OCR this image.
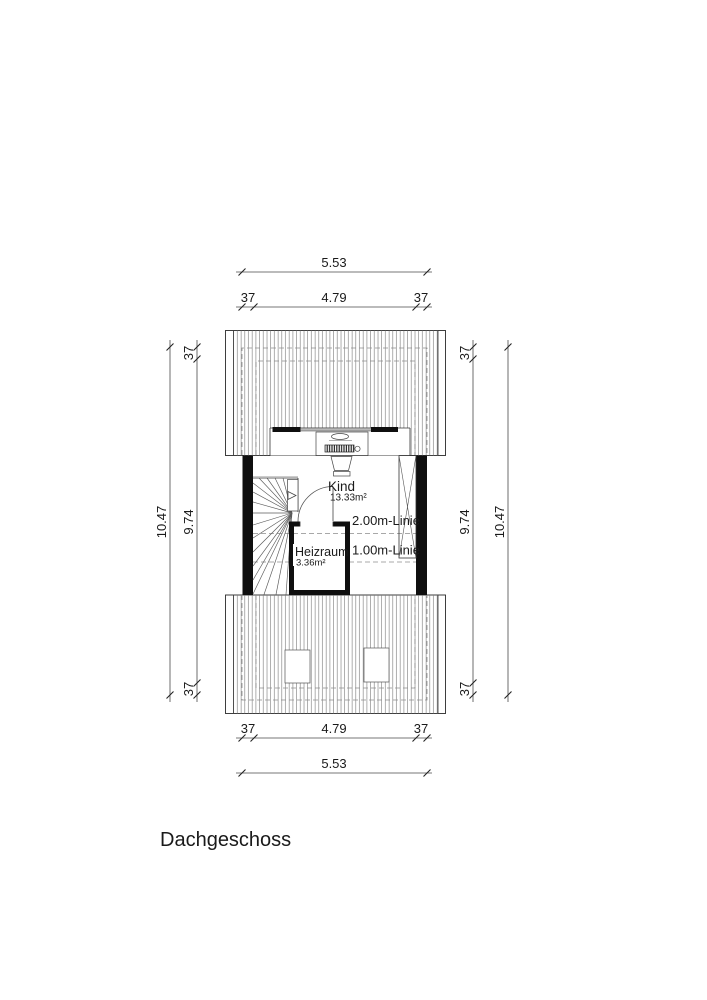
Kind
13.33m²
Heizraum
3.36m²
2.00m-Linie
1.00m-Linie
5.53
37	4.79	37
37	4.79	37
5.53
10.47
37
9.74
37
37
9.74
37
10.47
Dachgeschoss
